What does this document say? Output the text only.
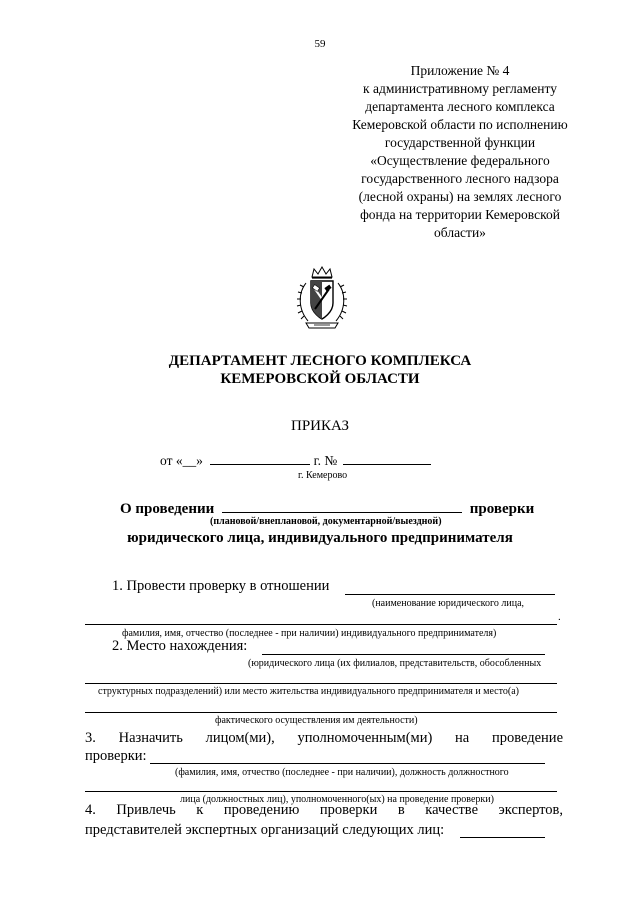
59
Приложение № 4
к административному регламенту
департамента лесного комплекса
Кемеровской области по исполнению
государственной функции
«Осуществление федерального
государственного лесного надзора
(лесной охраны) на землях лесного
фонда на территории Кемеровской
области»
ДЕПАРТАМЕНТ ЛЕСНОГО КОМПЛЕКСА
КЕМЕРОВСКОЙ ОБЛАСТИ
ПРИКАЗ
от «__»	г. №
г. Кемерово
О проведении	проверки
(плановой/внеплановой, документарной/выездной)
юридического лица, индивидуального предпринимателя
1. Провести проверку в отношении
(наименование юридического лица,
.
фамилия, имя, отчество (последнее - при наличии) индивидуального предпринимателя)
2. Место нахождения:
(юридического лица (их филиалов, представительств, обособленных
структурных подразделений) или место жительства индивидуального предпринимателя и место(а)
фактического осуществления им деятельности)
3. Назначить лицом(ми), уполномоченным(ми) на проведение
проверки:
(фамилия, имя, отчество (последнее - при наличии), должность должностного
лица (должностных лиц), уполномоченного(ых) на проведение проверки)
4. Привлечь к проведению проверки в качестве экспертов,
представителей экспертных организаций следующих лиц:
